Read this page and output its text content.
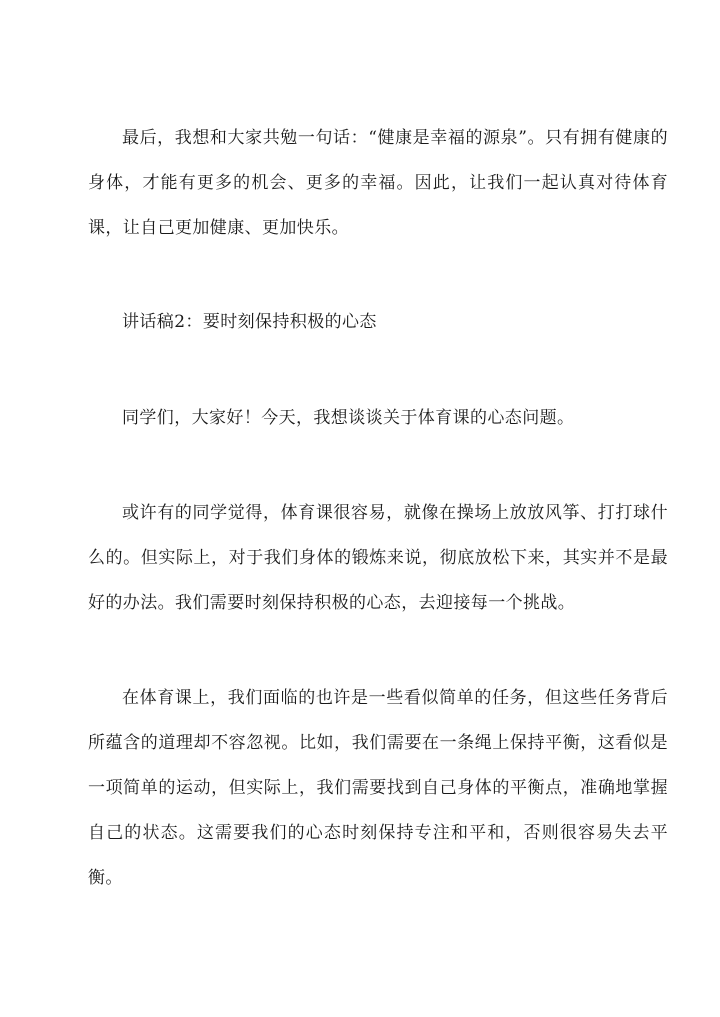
最后，我想和大家共勉一句话：“健康是幸福的源泉”。只有拥有健康的身体，才能有更多的机会、更多的幸福。因此，让我们一起认真对待体育课，让自己更加健康、更加快乐。

讲话稿2：要时刻保持积极的心态

同学们，大家好！今天，我想谈谈关于体育课的心态问题。

或许有的同学觉得，体育课很容易，就像在操场上放放风筝、打打球什么的。但实际上，对于我们身体的锻炼来说，彻底放松下来，其实并不是最好的办法。我们需要时刻保持积极的心态，去迎接每一个挑战。

在体育课上，我们面临的也许是一些看似简单的任务，但这些任务背后所蕴含的道理却不容忽视。比如，我们需要在一条绳上保持平衡，这看似是一项简单的运动，但实际上，我们需要找到自己身体的平衡点，准确地掌握自己的状态。这需要我们的心态时刻保持专注和平和，否则很容易失去平衡。
